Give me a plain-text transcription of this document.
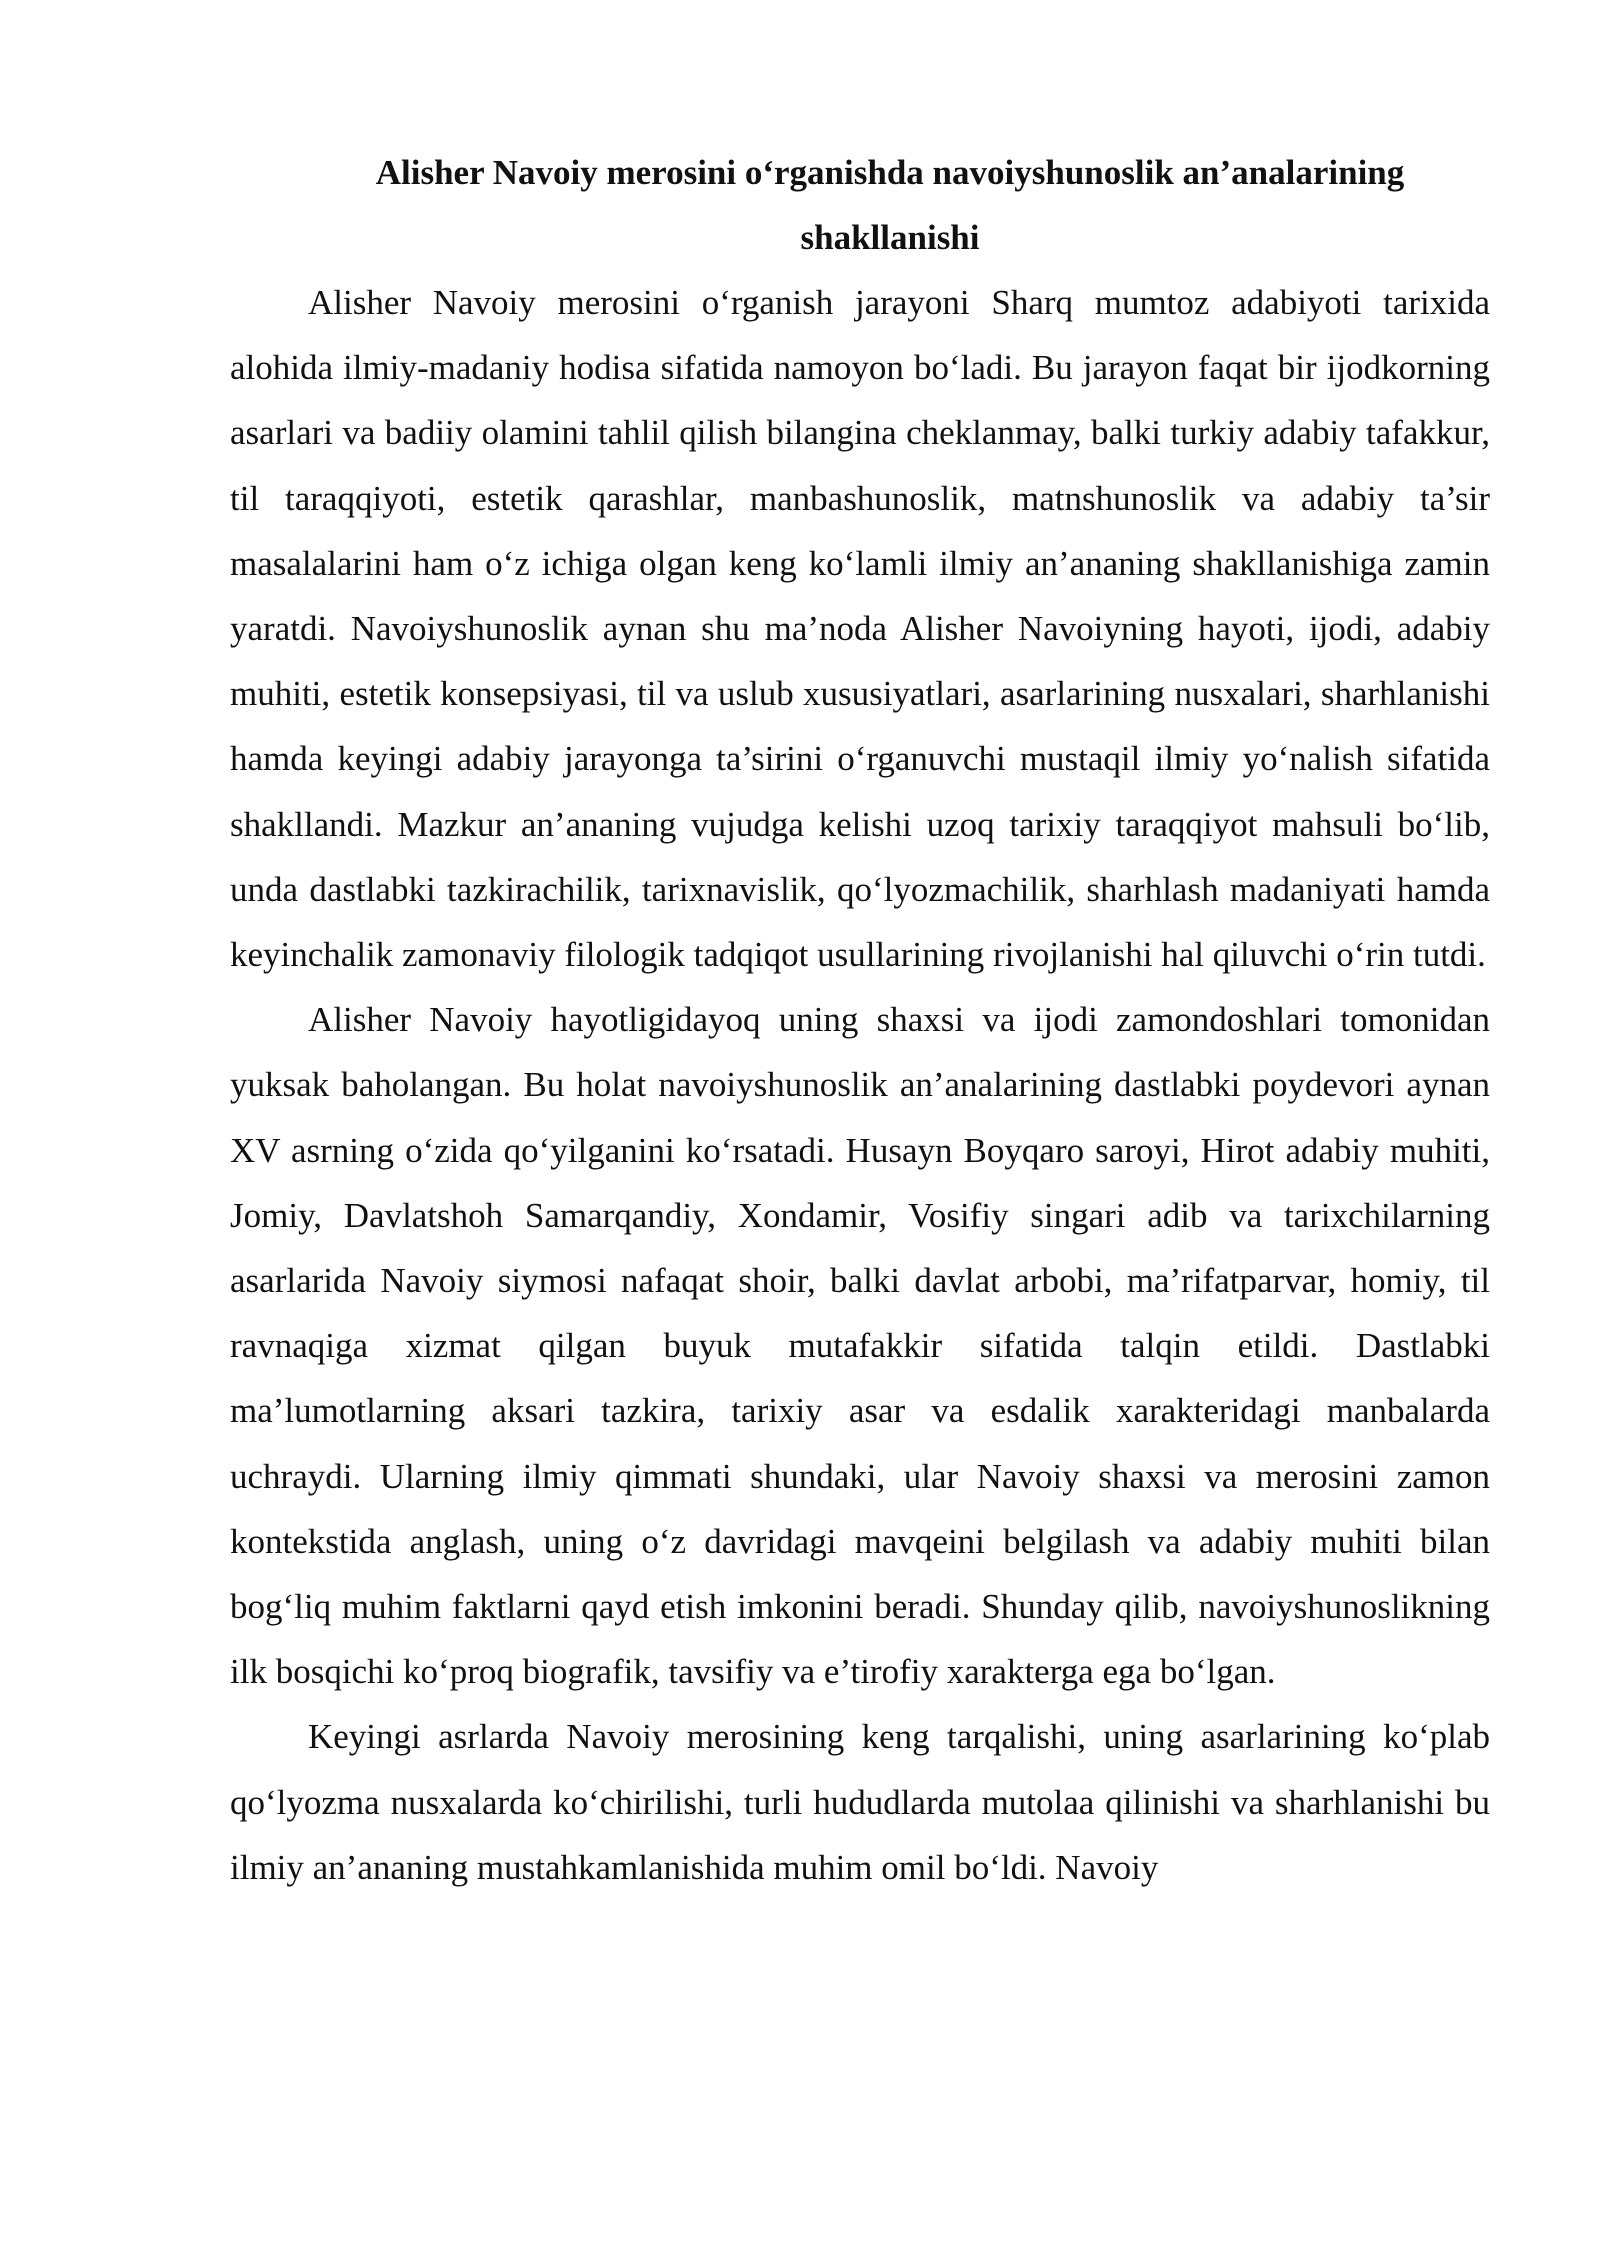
Alisher Navoiy merosini o‘rganishda navoiyshunoslik an’analarining shakllanishi

Alisher Navoiy merosini o‘rganish jarayoni Sharq mumtoz adabiyoti tarixida alohida ilmiy-madaniy hodisa sifatida namoyon bo‘ladi. Bu jarayon faqat bir ijodkorning asarlari va badiiy olamini tahlil qilish bilangina cheklanmay, balki turkiy adabiy tafakkur, til taraqqiyoti, estetik qarashlar, manbashunoslik, matnshunoslik va adabiy ta’sir masalalarini ham o‘z ichiga olgan keng ko‘lamli ilmiy an’ananing shakllanishiga zamin yaratdi. Navoiyshunoslik aynan shu ma’noda Alisher Navoiyning hayoti, ijodi, adabiy muhiti, estetik konsepsiyasi, til va uslub xususiyatlari, asarlarining nusxalari, sharhlanishi hamda keyingi adabiy jarayonga ta’sirini o‘rganuvchi mustaqil ilmiy yo‘nalish sifatida shakllandi. Mazkur an’ananing vujudga kelishi uzoq tarixiy taraqqiyot mahsuli bo‘lib, unda dastlabki tazkirachilik, tarixnavislik, qo‘lyozmachilik, sharhlash madaniyati hamda keyinchalik zamonaviy filologik tadqiqot usullarining rivojlanishi hal qiluvchi o‘rin tutdi.

Alisher Navoiy hayotligidayoq uning shaxsi va ijodi zamondoshlari tomonidan yuksak baholangan. Bu holat navoiyshunoslik an’analarining dastlabki poydevori aynan XV asrning o‘zida qo‘yilganini ko‘rsatadi. Husayn Boyqaro saroyi, Hirot adabiy muhiti, Jomiy, Davlatshoh Samarqandiy, Xondamir, Vosifiy singari adib va tarixchilarning asarlarida Navoiy siymosi nafaqat shoir, balki davlat arbobi, ma’rifatparvar, homiy, til ravnaqiga xizmat qilgan buyuk mutafakkir sifatida talqin etildi. Dastlabki ma’lumotlarning aksari tazkira, tarixiy asar va esdalik xarakteridagi manbalarda uchraydi. Ularning ilmiy qimmati shundaki, ular Navoiy shaxsi va merosini zamon kontekstida anglash, uning o‘z davridagi mavqeini belgilash va adabiy muhiti bilan bog‘liq muhim faktlarni qayd etish imkonini beradi. Shunday qilib, navoiyshunoslikning ilk bosqichi ko‘proq biografik, tavsifiy va e’tirofiy xarakterga ega bo‘lgan.

Keyingi asrlarda Navoiy merosining keng tarqalishi, uning asarlarining ko‘plab qo‘lyozma nusxalarda ko‘chirilishi, turli hududlarda mutolaa qilinishi va sharhlanishi bu ilmiy an’ananing mustahkamlanishida muhim omil bo‘ldi. Navoiy
